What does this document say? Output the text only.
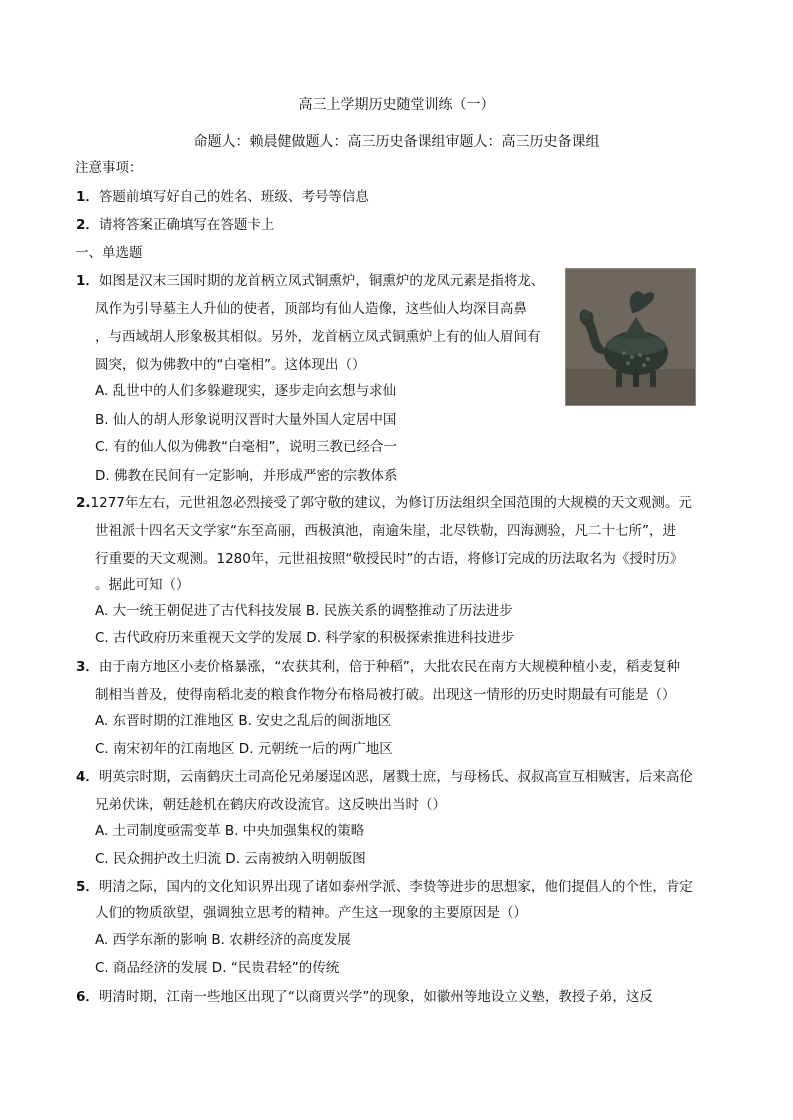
高三上学期历史随堂训练（一）
命题人：赖晨健做题人：高三历史备课组审题人：高三历史备课组
注意事项：
1．答题前填写好自己的姓名、班级、考号等信息
2．请将答案正确填写在答题卡上
一、单选题
1．如图是汉末三国时期的龙首柄立凤式铜熏炉，铜熏炉的龙凤元素是指将龙、
凤作为引导墓主人升仙的使者，顶部均有仙人造像，这些仙人均深目高鼻
，与西域胡人形象极其相似。另外，龙首柄立凤式铜熏炉上有的仙人眉间有
圆突，似为佛教中的“白毫相”。这体现出（）
A. 乱世中的人们多躲避现实，逐步走向玄想与求仙
B. 仙人的胡人形象说明汉晋时大量外国人定居中国
C. 有的仙人似为佛教“白毫相”，说明三教已经合一
D. 佛教在民间有一定影响，并形成严密的宗教体系
2.1277年左右，元世祖忽必烈接受了郭守敬的建议，为修订历法组织全国范围的大规模的天文观测。元
世祖派十四名天文学家“东至高丽，西极滇池，南逾朱崖，北尽铁勒，四海测验，凡二十七所”，进
行重要的天文观测。1280年，元世祖按照“敬授民时”的古语，将修订完成的历法取名为《授时历》
。据此可知（）
A. 大一统王朝促进了古代科技发展 B. 民族关系的调整推动了历法进步
C. 古代政府历来重视天文学的发展 D. 科学家的积极探索推进科技进步
3．由于南方地区小麦价格暴涨，“农获其利，倍于种稻”，大批农民在南方大规模种植小麦，稻麦复种
制相当普及，使得南稻北麦的粮食作物分布格局被打破。出现这一情形的历史时期最有可能是（）
A. 东晋时期的江淮地区 B. 安史之乱后的闽浙地区
C. 南宋初年的江南地区 D. 元朝统一后的两广地区
4．明英宗时期，云南鹤庆土司高伦兄弟屡逞凶恶，屠戮士庶，与母杨氏、叔叔高宣互相贼害，后来高伦
兄弟伏诛，朝廷趁机在鹤庆府改设流官。这反映出当时（）
A. 土司制度亟需变革 B. 中央加强集权的策略
C. 民众拥护改土归流 D. 云南被纳入明朝版图
5．明清之际，国内的文化知识界出现了诸如泰州学派、李贽等进步的思想家，他们提倡人的个性，肯定
人们的物质欲望，强调独立思考的精神。产生这一现象的主要原因是（）
A. 西学东渐的影响 B. 农耕经济的高度发展
C. 商品经济的发展 D. “民贵君轻”的传统
6．明清时期，江南一些地区出现了“以商贾兴学”的现象，如徽州等地设立义塾，教授子弟，这反
